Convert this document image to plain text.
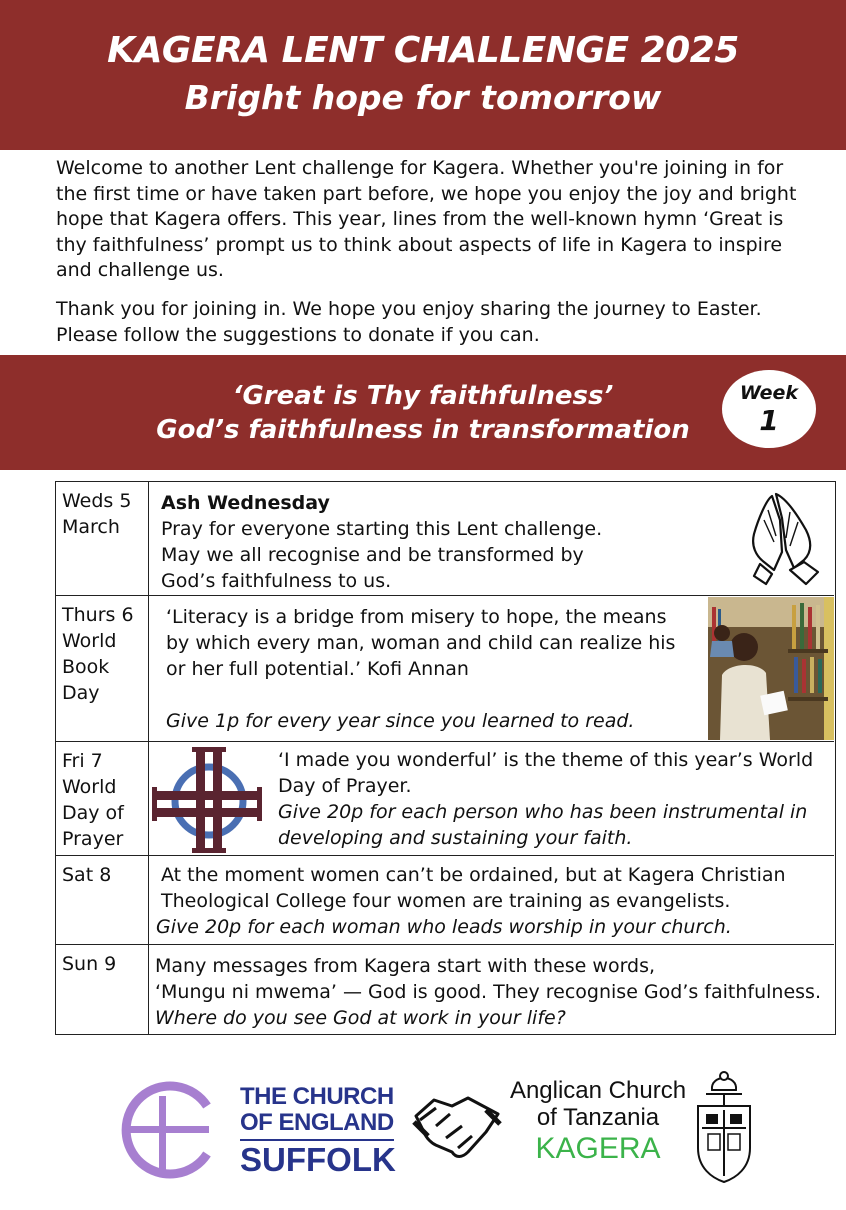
KAGERA LENT CHALLENGE 2025
Bright hope for tomorrow

Welcome to another Lent challenge for Kagera. Whether you're joining in for the first time or have taken part before, we hope you enjoy the joy and bright hope that Kagera offers. This year, lines from the well-known hymn ‘Great is thy faithfulness’ prompt us to think about aspects of life in Kagera to inspire and challenge us.

Thank you for joining in. We hope you enjoy sharing the journey to Easter. Please follow the suggestions to donate if you can.

‘Great is Thy faithfulness’
God’s faithfulness in transformation
Week
1
Weds 5
March
Ash Wednesday
Pray for everyone starting this Lent challenge.
May we all recognise and be transformed by
God’s faithfulness to us.
Thurs 6
World
Book
Day
‘Literacy is a bridge from misery to hope, the means
by which every man, woman and child can realize his
or her full potential.’ Kofi Annan
Give 1p for every year since you learned to read.
Fri 7
World
Day of
Prayer
‘I made you wonderful’ is the theme of this year’s World
Day of Prayer.
Give 20p for each person who has been instrumental in
developing and sustaining your faith.
Sat 8	At the moment women can’t be ordained, but at Kagera Christian
Theological College four women are training as evangelists.
Give 20p for each woman who leads worship in your church.
Sun 9	Many messages from Kagera start with these words,
‘Mungu ni mwema’ — God is good. They recognise God’s faithfulness.
Where do you see God at work in your life?
THE CHURCH
OF ENGLAND
SUFFOLK
Anglican Church
of Tanzania
KAGERA
